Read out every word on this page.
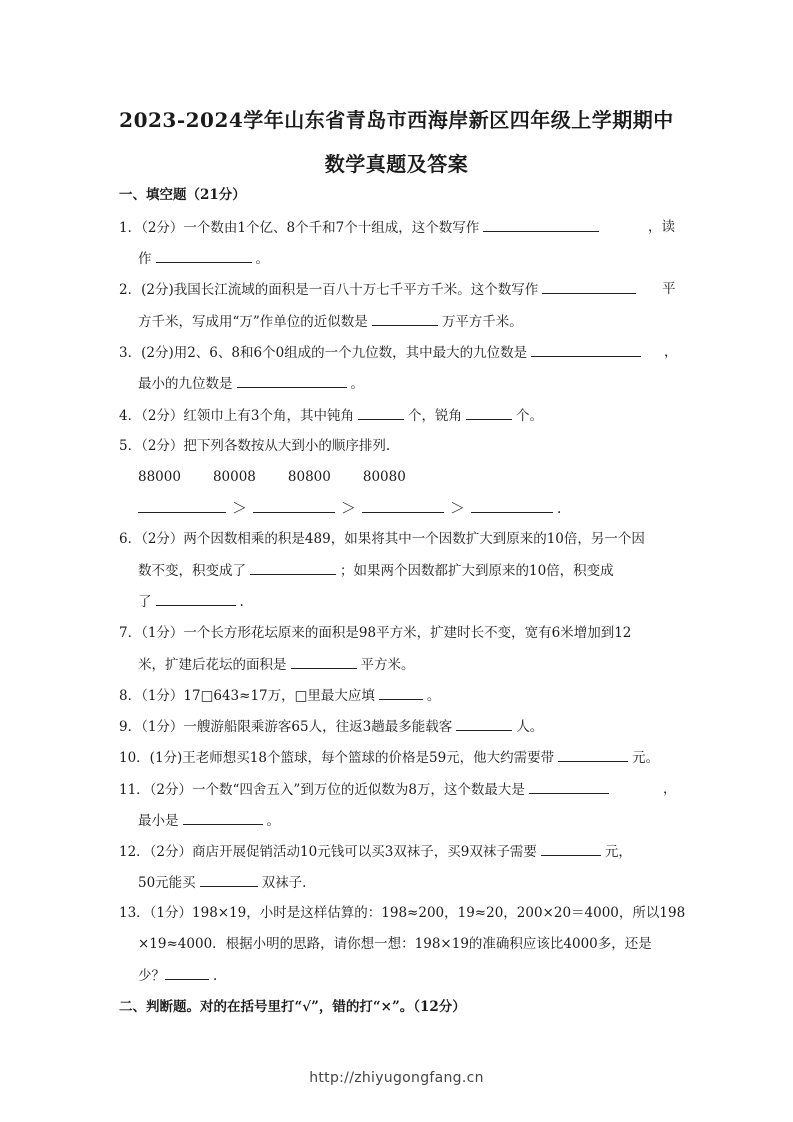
2023-2024学年山东省青岛市西海岸新区四年级上学期期中
数学真题及答案
一、填空题（21分）
1．（2分）一个数由1个亿、8个千和7个十组成，这个数写作	，读
作	。
2．(2分)我国长江流域的面积是一百八十万七千平方千米。这个数写作	平
方千米，写成用“万”作单位的近似数是	万平方千米。
3．(2分)用2、6、8和6个0组成的一个九位数，其中最大的九位数是	，
最小的九位数是	。
4．（2分）红领巾上有3个角，其中钝角	个，锐角	个。
5．（2分）把下列各数按从大到小的顺序排列.
88000 80008 80800 80080
＞	＞	＞	.
6．（2分）两个因数相乘的积是489，如果将其中一个因数扩大到原来的10倍，另一个因
数不变，积变成了	；如果两个因数都扩大到原来的10倍，积变成
了	.
7．（1分）一个长方形花坛原来的面积是98平方米，扩建时长不变，宽有6米增加到12
米，扩建后花坛的面积是	平方米。
8．（1分）17□643≈17万，□里最大应填	。
9．（1分）一艘游船限乘游客65人，往返3趟最多能载客	人。
10．(1分)王老师想买18个篮球，每个篮球的价格是59元，他大约需要带	元。
11．（2分）一个数“四舍五入”到万位的近似数为8万，这个数最大是	，
最小是	。
12．（2分）商店开展促销活动10元钱可以买3双袜子，买9双袜子需要	元，
50元能买	双袜子.
13．（1分）198×19，小时是这样估算的：198≈200，19≈20，200×20＝4000，所以198
×19≈4000．根据小明的思路，请你想一想：198×19的准确积应该比4000多，还是
少？	.
二、判断题。对的在括号里打“√”，错的打“×”。（12分）
http://zhiyugongfang.cn
